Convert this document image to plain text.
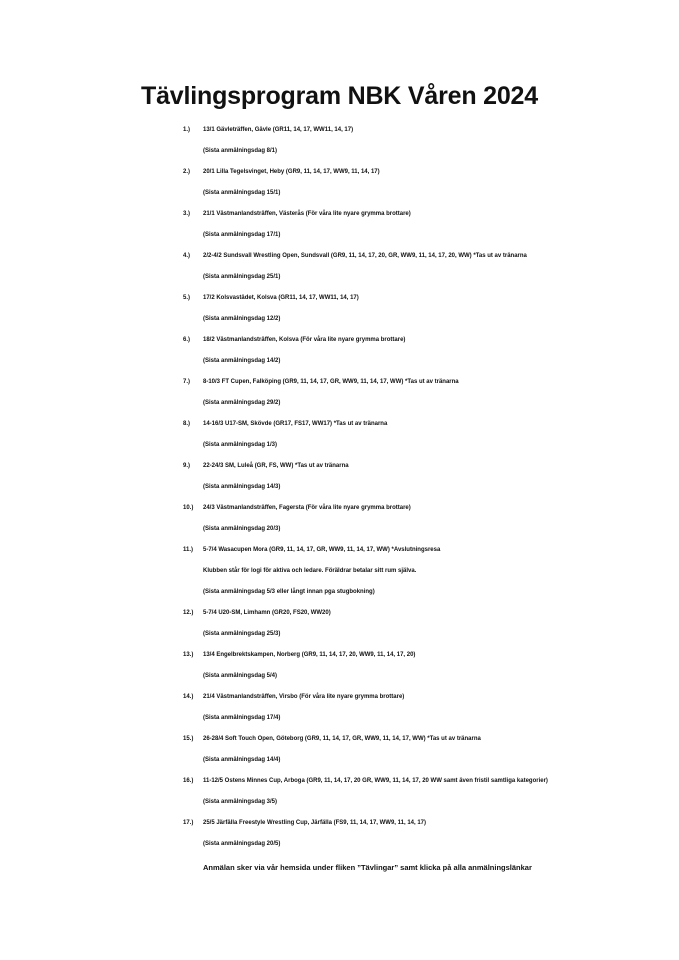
Tävlingsprogram NBK Våren 2024
1.) 13/1 Gävleträffen, Gävle (GR11, 14, 17, WW11, 14, 17)
(Sista anmälningsdag 8/1)
2.) 20/1 Lilla Tegelsvinget, Heby (GR9, 11, 14, 17, WW9, 11, 14, 17)
(Sista anmälningsdag 15/1)
3.) 21/1 Västmanlandsträffen, Västerås (För våra lite nyare grymma brottare)
(Sista anmälningsdag 17/1)
4.) 2/2-4/2 Sundsvall Wrestling Open, Sundsvall (GR9, 11, 14, 17, 20, GR, WW9, 11, 14, 17, 20, WW) *Tas ut av tränarna
(Sista anmälningsdag 25/1)
5.) 17/2 Kolsvastädet, Kolsva (GR11, 14, 17, WW11, 14, 17)
(Sista anmälningsdag 12/2)
6.) 18/2 Västmanlandsträffen, Kolsva (För våra lite nyare grymma brottare)
(Sista anmälningsdag 14/2)
7.) 8-10/3 FT Cupen, Falköping (GR9, 11, 14, 17, GR, WW9, 11, 14, 17, WW) *Tas ut av tränarna
(Sista anmälningsdag 29/2)
8.) 14-16/3 U17-SM, Skövde (GR17, FS17, WW17) *Tas ut av tränarna
(Sista anmälningsdag 1/3)
9.) 22-24/3 SM, Luleå (GR, FS, WW) *Tas ut av tränarna
(Sista anmälningsdag 14/3)
10.) 24/3 Västmanlandsträffen, Fagersta (För våra lite nyare grymma brottare)
(Sista anmälningsdag 20/3)
11.) 5-7/4 Wasacupen Mora (GR9, 11, 14, 17, GR, WW9, 11, 14, 17, WW) *Avslutningsresa
Klubben står för logi för aktiva och ledare. Föräldrar betalar sitt rum själva.
(Sista anmälningsdag 5/3 eller långt innan pga stugbokning)
12.) 5-7/4 U20-SM, Limhamn (GR20, FS20, WW20)
(Sista anmälningsdag 25/3)
13.) 13/4 Engelbrektskampen, Norberg (GR9, 11, 14, 17, 20, WW9, 11, 14, 17, 20)
(Sista anmälningsdag 5/4)
14.) 21/4 Västmanlandsträffen, Virsbo (För våra lite nyare grymma brottare)
(Sista anmälningsdag 17/4)
15.) 26-28/4 Soft Touch Open, Göteborg (GR9, 11, 14, 17, GR, WW9, 11, 14, 17, WW) *Tas ut av tränarna
(Sista anmälningsdag 14/4)
16.) 11-12/5 Ostens Minnes Cup, Arboga (GR9, 11, 14, 17, 20 GR, WW9, 11, 14, 17, 20 WW samt även fristil samtliga kategorier)
(Sista anmälningsdag 3/5)
17.) 25/5 Järfälla Freestyle Wrestling Cup, Järfälla (FS9, 11, 14, 17, WW9, 11, 14, 17)
(Sista anmälningsdag 20/5)
Anmälan sker via vår hemsida under fliken ”Tävlingar” samt klicka på alla anmälningslänkar
